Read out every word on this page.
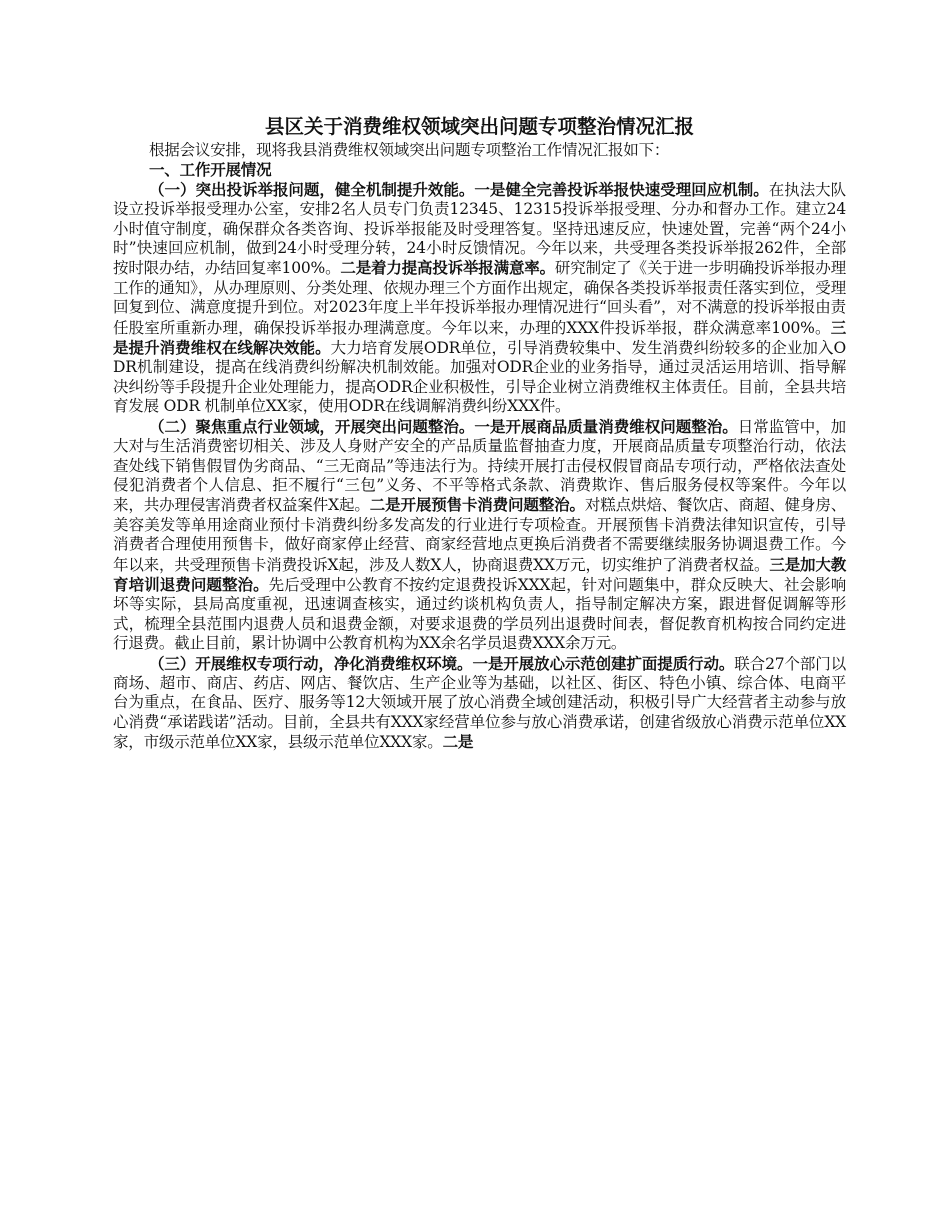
县区关于消费维权领域突出问题专项整治情况汇报

根据会议安排，现将我县消费维权领域突出问题专项整治工作情况汇报如下：

一、工作开展情况

（一）突出投诉举报问题，健全机制提升效能。一是健全完善投诉举报快速受理回应机制。在执法大队设立投诉举报受理办公室，安排2名人员专门负责12345、12315投诉举报受理、分办和督办工作。建立24小时值守制度，确保群众各类咨询、投诉举报能及时受理答复。坚持迅速反应，快速处置，完善“两个24小时”快速回应机制，做到24小时受理分转，24小时反馈情况。今年以来，共受理各类投诉举报262件，全部按时限办结，办结回复率100%。二是着力提高投诉举报满意率。研究制定了《关于进一步明确投诉举报办理工作的通知》，从办理原则、分类处理、依规办理三个方面作出规定，确保各类投诉举报责任落实到位，受理回复到位、满意度提升到位。对2023年度上半年投诉举报办理情况进行“回头看”，对不满意的投诉举报由责任股室所重新办理，确保投诉举报办理满意度。今年以来，办理的XXX件投诉举报，群众满意率100%。三是提升消费维权在线解决效能。大力培育发展ODR单位，引导消费较集中、发生消费纠纷较多的企业加入ODR机制建设，提高在线消费纠纷解决机制效能。加强对ODR企业的业务指导，通过灵活运用培训、指导解决纠纷等手段提升企业处理能力，提高ODR企业积极性，引导企业树立消费维权主体责任。目前，全县共培育发展 ODR 机制单位XX家，使用ODR在线调解消费纠纷XXX件。

（二）聚焦重点行业领域，开展突出问题整治。一是开展商品质量消费维权问题整治。日常监管中，加大对与生活消费密切相关、涉及人身财产安全的产品质量监督抽查力度，开展商品质量专项整治行动，依法查处线下销售假冒伪劣商品、“三无商品”等违法行为。持续开展打击侵权假冒商品专项行动，严格依法查处侵犯消费者个人信息、拒不履行“三包”义务、不平等格式条款、消费欺诈、售后服务侵权等案件。今年以来，共办理侵害消费者权益案件X起。二是开展预售卡消费问题整治。对糕点烘焙、餐饮店、商超、健身房、美容美发等单用途商业预付卡消费纠纷多发高发的行业进行专项检查。开展预售卡消费法律知识宣传，引导消费者合理使用预售卡，做好商家停止经营、商家经营地点更换后消费者不需要继续服务协调退费工作。今年以来，共受理预售卡消费投诉X起，涉及人数X人，协商退费XX万元，切实维护了消费者权益。三是加大教育培训退费问题整治。先后受理中公教育不按约定退费投诉XXX起，针对问题集中，群众反映大、社会影响坏等实际，县局高度重视，迅速调查核实，通过约谈机构负责人，指导制定解决方案，跟进督促调解等形式，梳理全县范围内退费人员和退费金额，对要求退费的学员列出退费时间表，督促教育机构按合同约定进行退费。截止目前，累计协调中公教育机构为XX余名学员退费XXX余万元。

（三）开展维权专项行动，净化消费维权环境。一是开展放心示范创建扩面提质行动。联合27个部门以商场、超市、商店、药店、网店、餐饮店、生产企业等为基础，以社区、街区、特色小镇、综合体、电商平台为重点，在食品、医疗、服务等12大领域开展了放心消费全域创建活动，积极引导广大经营者主动参与放心消费“承诺践诺”活动。目前，全县共有XXX家经营单位参与放心消费承诺，创建省级放心消费示范单位XX家，市级示范单位XX家，县级示范单位XXX家。二是
